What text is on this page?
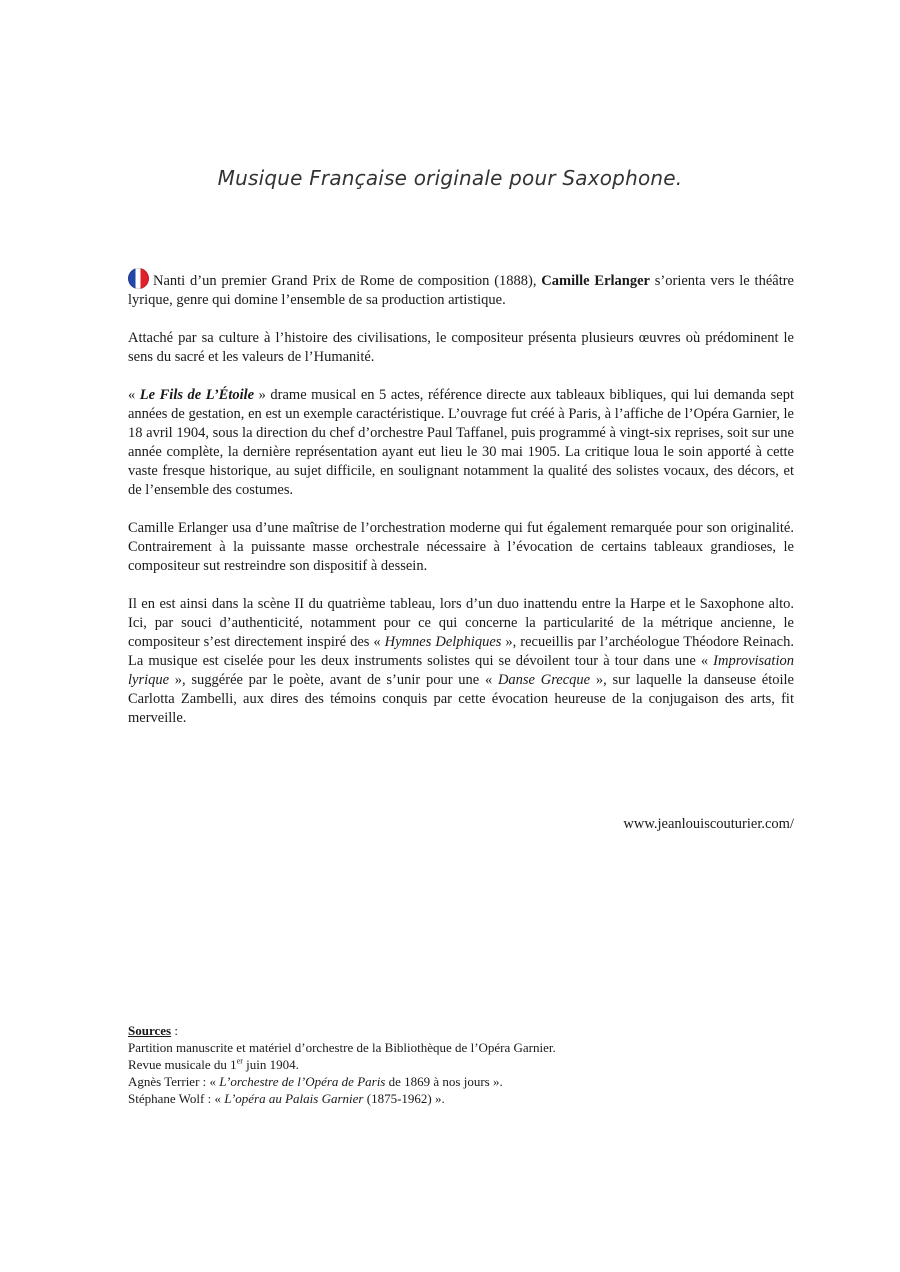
Musique Française originale pour Saxophone.

Nanti d’un premier Grand Prix de Rome de composition (1888), Camille Erlanger s’orienta vers le théâtre lyrique, genre qui domine l’ensemble de sa production artistique.

Attaché par sa culture à l’histoire des civilisations, le compositeur présenta plusieurs œuvres où prédominent le sens du sacré et les valeurs de l’Humanité.

« Le Fils de L’Étoile » drame musical en 5 actes, référence directe aux tableaux bibliques, qui lui demanda sept années de gestation, en est un exemple caractéristique. L’ouvrage fut créé à Paris, à l’affiche de l’Opéra Garnier, le 18 avril 1904, sous la direction du chef d’orchestre Paul Taffanel, puis programmé à vingt-six reprises, soit sur une année complète, la dernière représentation ayant eut lieu le 30 mai 1905. La critique loua le soin apporté à cette vaste fresque historique, au sujet difficile, en soulignant notamment la qualité des solistes vocaux, des décors, et de l’ensemble des costumes.

Camille Erlanger usa d’une maîtrise de l’orchestration moderne qui fut également remarquée pour son originalité. Contrairement à la puissante masse orchestrale nécessaire à l’évocation de certains tableaux grandioses, le compositeur sut restreindre son dispositif à dessein.

Il en est ainsi dans la scène II du quatrième tableau, lors d’un duo inattendu entre la Harpe et le Saxophone alto. Ici, par souci d’authenticité, notamment pour ce qui concerne la particularité de la métrique ancienne, le compositeur s’est directement inspiré des « Hymnes Delphiques », recueillis par l’archéologue Théodore Reinach. La musique est ciselée pour les deux instruments solistes qui se dévoilent tour à tour dans une « Improvisation lyrique », suggérée par le poète, avant de s’unir pour une « Danse Grecque », sur laquelle la danseuse étoile Carlotta Zambelli, aux dires des témoins conquis par cette évocation heureuse de la conjugaison des arts, fit merveille.

www.jeanlouiscouturier.com/
Sources :
Partition manuscrite et matériel d’orchestre de la Bibliothèque de l’Opéra Garnier.
Revue musicale du 1er juin 1904.
Agnès Terrier : « L’orchestre de l’Opéra de Paris de 1869 à nos jours ».
Stéphane Wolf : « L’opéra au Palais Garnier (1875-1962) ».
